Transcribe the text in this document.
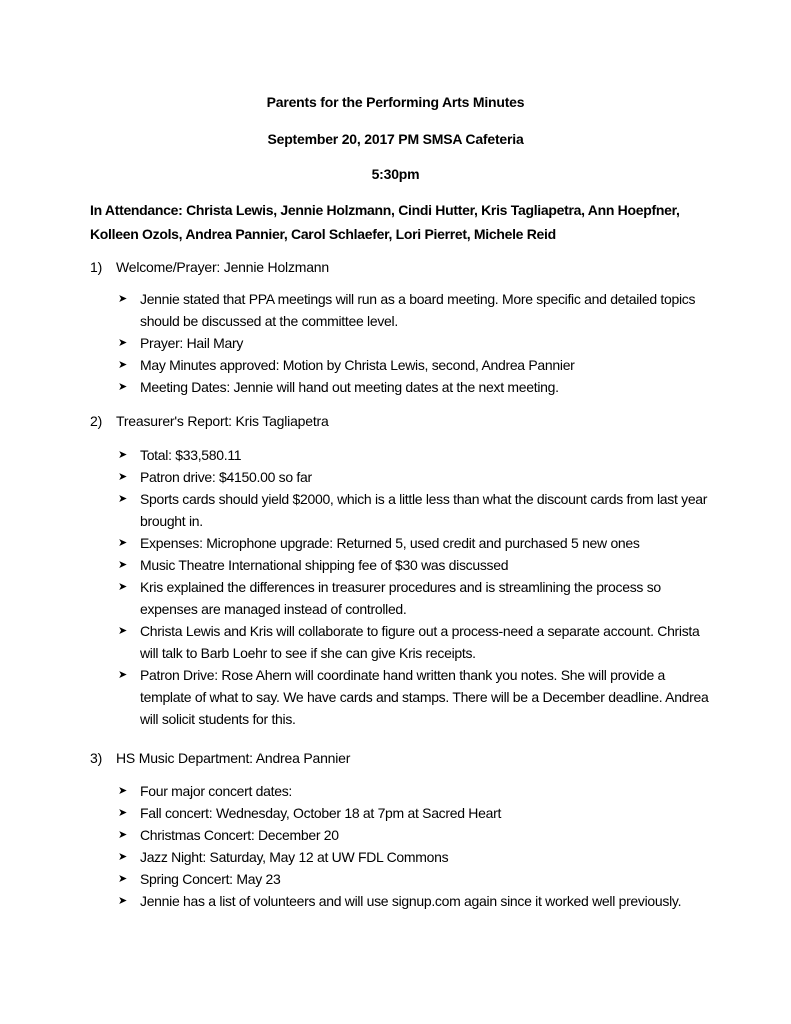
Parents for the Performing Arts Minutes
September 20, 2017 PM SMSA Cafeteria
5:30pm
In Attendance: Christa Lewis, Jennie Holzmann, Cindi Hutter, Kris Tagliapetra, Ann Hoepfner, Kolleen Ozols, Andrea Pannier, Carol Schlaefer, Lori Pierret, Michele Reid
1) Welcome/Prayer: Jennie Holzmann
➤ Jennie stated that PPA meetings will run as a board meeting. More specific and detailed topics should be discussed at the committee level.
➤ Prayer: Hail Mary
➤ May Minutes approved: Motion by Christa Lewis, second, Andrea Pannier
➤ Meeting Dates: Jennie will hand out meeting dates at the next meeting.
2) Treasurer's Report: Kris Tagliapetra
➤ Total: $33,580.11
➤ Patron drive: $4150.00 so far
➤ Sports cards should yield $2000, which is a little less than what the discount cards from last year brought in.
➤ Expenses: Microphone upgrade: Returned 5, used credit and purchased 5 new ones
➤ Music Theatre International shipping fee of $30 was discussed
➤ Kris explained the differences in treasurer procedures and is streamlining the process so expenses are managed instead of controlled.
➤ Christa Lewis and Kris will collaborate to figure out a process-need a separate account. Christa will talk to Barb Loehr to see if she can give Kris receipts.
➤ Patron Drive: Rose Ahern will coordinate hand written thank you notes. She will provide a template of what to say. We have cards and stamps. There will be a December deadline. Andrea will solicit students for this.
3) HS Music Department: Andrea Pannier
➤ Four major concert dates:
➤ Fall concert: Wednesday, October 18 at 7pm at Sacred Heart
➤ Christmas Concert: December 20
➤ Jazz Night: Saturday, May 12 at UW FDL Commons
➤ Spring Concert: May 23
➤ Jennie has a list of volunteers and will use signup.com again since it worked well previously.
